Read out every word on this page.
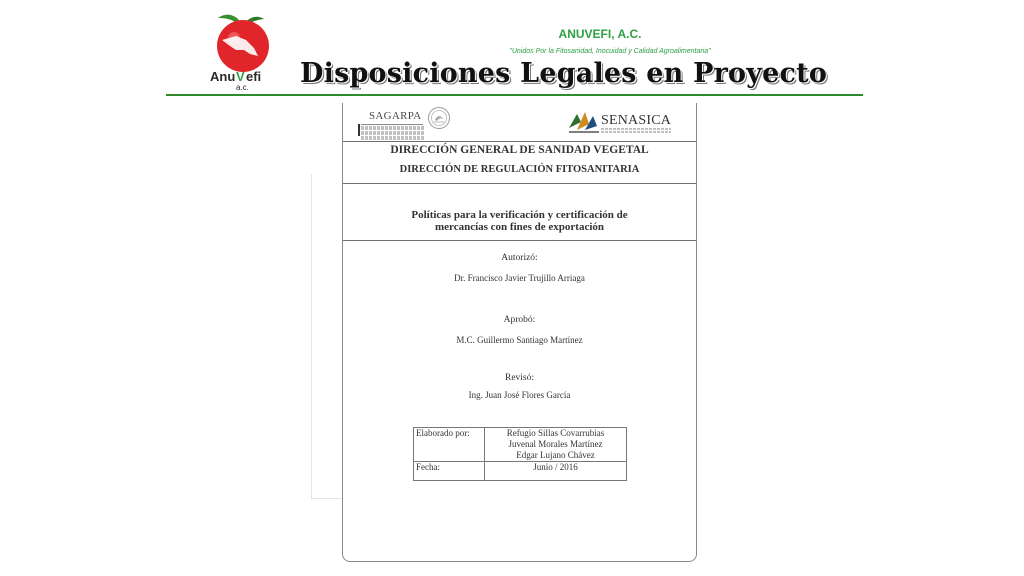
Anu V efi
a.c.
ANUVEFI, A.C.
"Unidos Por la Fitosanidad, Inocuidad y Calidad Agroalimentaria"
Disposiciones Legales en Proyecto
SAGARPA	SENASICA
DIRECCIÓN GENERAL DE SANIDAD VEGETAL
DIRECCIÓN DE REGULACIÓN FITOSANITARIA
Políticas para la verificación y certificación de
mercancías con fines de exportación
Autorizó:
Dr. Francisco Javier Trujillo Arriaga
Aprobó:
M.C. Guillermo Santiago Martínez
Revisó:
Ing. Juan José Flores García
Elaborado por:	Refugio Sillas Covarrubias
Juvenal Morales Martínez
Edgar Lujano Chávez

Fecha:	Junio / 2016
